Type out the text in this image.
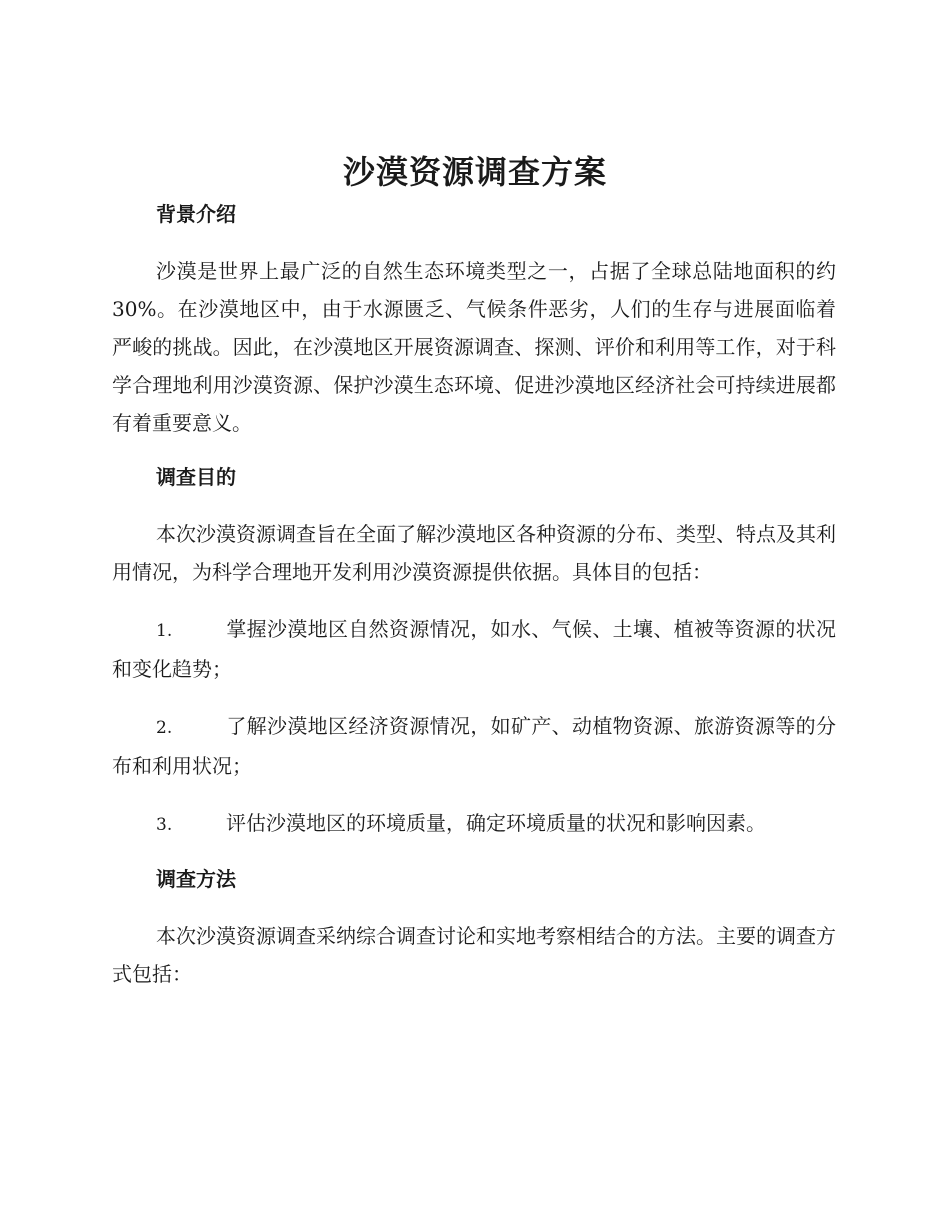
沙漠资源调查方案
背景介绍

沙漠是世界上最广泛的自然生态环境类型之一，占据了全球总陆地面积的约 30%。在沙漠地区中，由于水源匮乏、气候条件恶劣，人们的生存与进展面临着严峻的挑战。因此，在沙漠地区开展资源调查、探测、评价和利用等工作，对于科学合理地利用沙漠资源、保护沙漠生态环境、促进沙漠地区经济社会可持续进展都有着重要意义。

调查目的

本次沙漠资源调查旨在全面了解沙漠地区各种资源的分布、类型、特点及其利用情况，为科学合理地开发利用沙漠资源提供依据。具体目的包括：

1.	掌握沙漠地区自然资源情况，如水、气候、土壤、植被等资源的状况和变化趋势；

2.	了解沙漠地区经济资源情况，如矿产、动植物资源、旅游资源等的分布和利用状况；

3.	评估沙漠地区的环境质量，确定环境质量的状况和影响因素。

调查方法

本次沙漠资源调查采纳综合调查讨论和实地考察相结合的方法。主要的调查方式包括：
